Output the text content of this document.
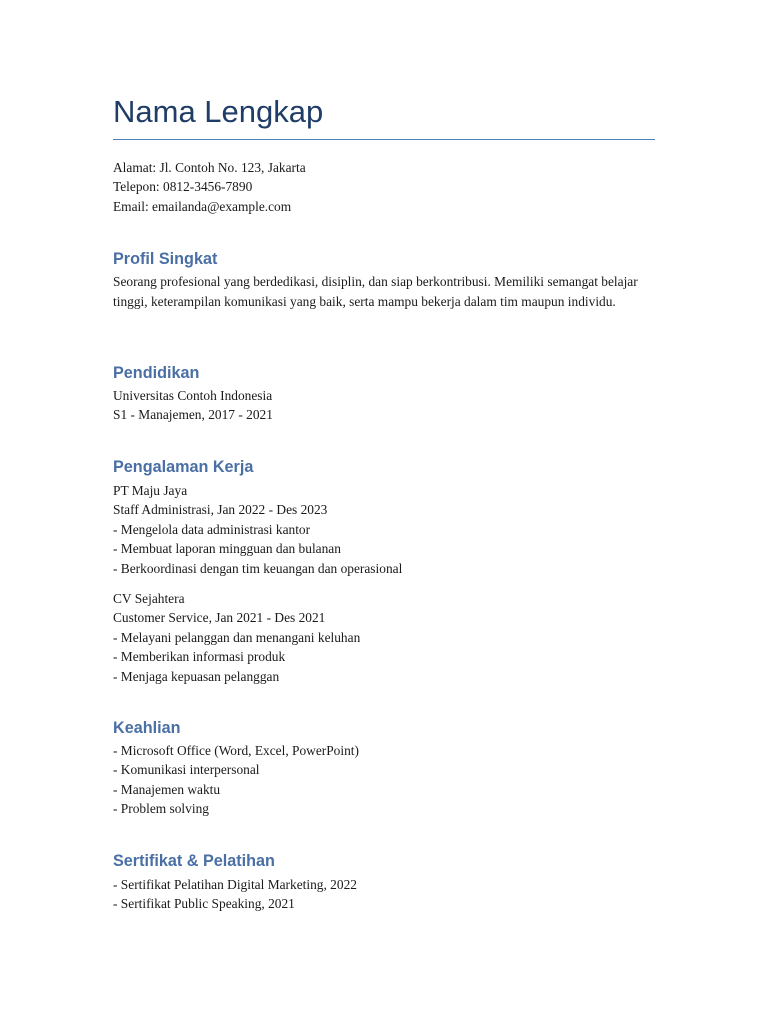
Nama Lengkap
Alamat: Jl. Contoh No. 123, Jakarta
Telepon: 0812-3456-7890
Email: emailanda@example.com
Profil Singkat
Seorang profesional yang berdedikasi, disiplin, dan siap berkontribusi. Memiliki semangat belajar tinggi, keterampilan komunikasi yang baik, serta mampu bekerja dalam tim maupun individu.
Pendidikan
Universitas Contoh Indonesia
S1 - Manajemen, 2017 - 2021
Pengalaman Kerja
PT Maju Jaya
Staff Administrasi, Jan 2022 - Des 2023
- Mengelola data administrasi kantor
- Membuat laporan mingguan dan bulanan
- Berkoordinasi dengan tim keuangan dan operasional
CV Sejahtera
Customer Service, Jan 2021 - Des 2021
- Melayani pelanggan dan menangani keluhan
- Memberikan informasi produk
- Menjaga kepuasan pelanggan
Keahlian
- Microsoft Office (Word, Excel, PowerPoint)
- Komunikasi interpersonal
- Manajemen waktu
- Problem solving
Sertifikat & Pelatihan
- Sertifikat Pelatihan Digital Marketing, 2022
- Sertifikat Public Speaking, 2021
